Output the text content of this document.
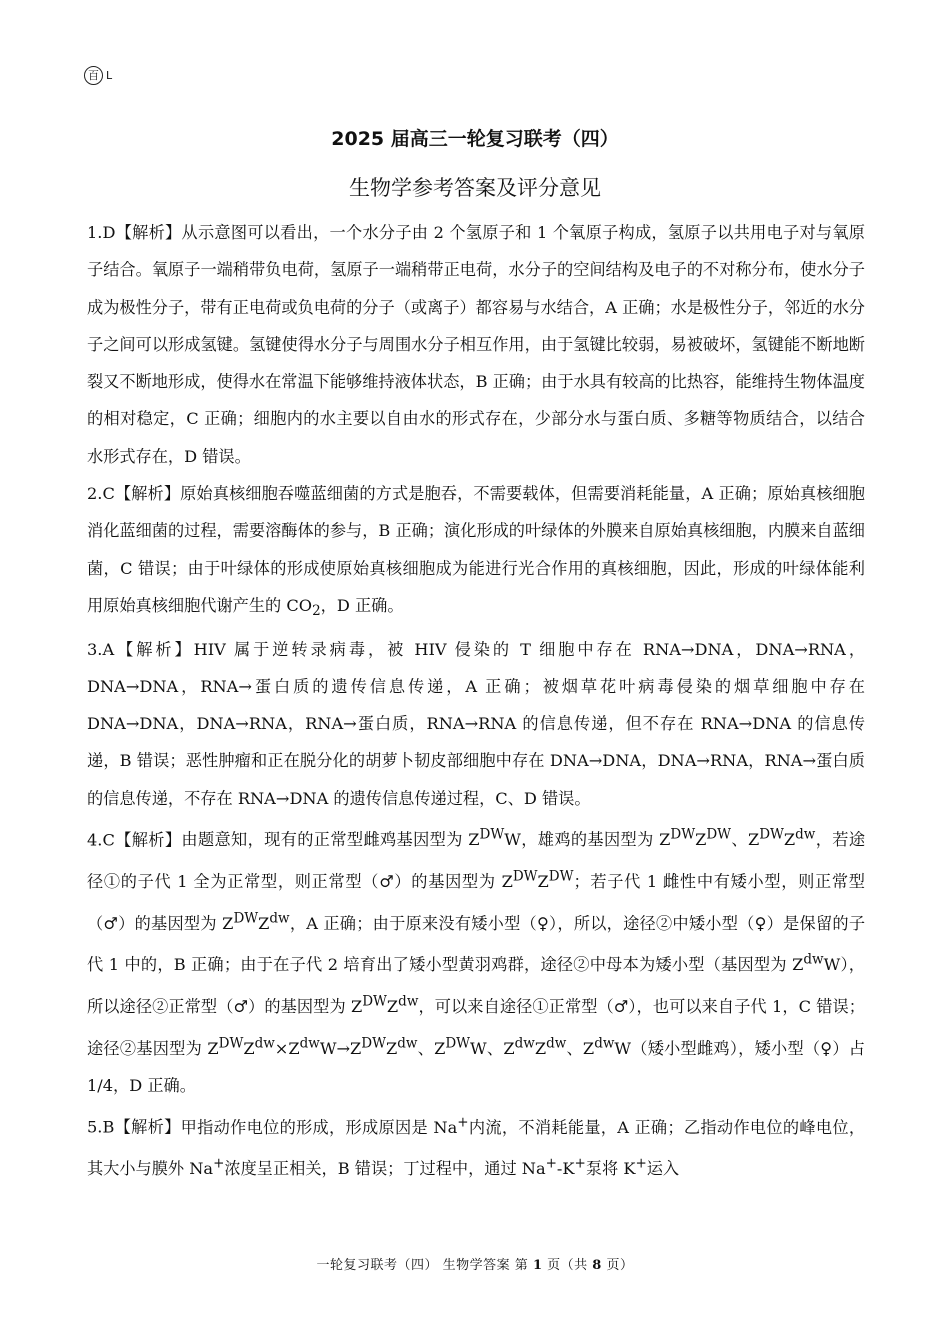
百 L
2025 届高三一轮复习联考（四）
生物学参考答案及评分意见

1.D【解析】从示意图可以看出，一个水分子由 2 个氢原子和 1 个氧原子构成，氢原子以共用电子对与氧原子结合。氧原子一端稍带负电荷，氢原子一端稍带正电荷，水分子的空间结构及电子的不对称分布，使水分子成为极性分子，带有正电荷或负电荷的分子（或离子）都容易与水结合，A 正确；水是极性分子，邻近的水分子之间可以形成氢键。氢键使得水分子与周围水分子相互作用，由于氢键比较弱，易被破坏，氢键能不断地断裂又不断地形成，使得水在常温下能够维持液体状态，B 正确；由于水具有较高的比热容，能维持生物体温度的相对稳定，C 正确；细胞内的水主要以自由水的形式存在，少部分水与蛋白质、多糖等物质结合，以结合水形式存在，D 错误。

2.C【解析】原始真核细胞吞噬蓝细菌的方式是胞吞，不需要载体，但需要消耗能量，A 正确；原始真核细胞消化蓝细菌的过程，需要溶酶体的参与，B 正确；演化形成的叶绿体的外膜来自原始真核细胞，内膜来自蓝细菌，C 错误；由于叶绿体的形成使原始真核细胞成为能进行光合作用的真核细胞，因此，形成的叶绿体能利用原始真核细胞代谢产生的 $CO_2$，D 正确。

3.A【解析】HIV 属于逆转录病毒，被 HIV 侵染的 T 细胞中存在 RNA→DNA，DNA→RNA，DNA→DNA，RNA→蛋白质的遗传信息传递，A 正确；被烟草花叶病毒侵染的烟草细胞中存在 DNA→DNA，DNA→RNA，RNA→蛋白质，RNA→RNA 的信息传递，但不存在 RNA→DNA 的信息传递，B 错误；恶性肿瘤和正在脱分化的胡萝卜韧皮部细胞中存在 DNA→DNA，DNA→RNA，RNA→蛋白质的信息传递，不存在 RNA→DNA 的遗传信息传递过程，C、D 错误。

4.C【解析】由题意知，现有的正常型雌鸡基因型为 $Z^{DW}W$，雄鸡的基因型为 $Z^{DW}Z^{DW}$、$Z^{DW}Z^{dw}$，若途径①的子代 1 全为正常型，则正常型（♂）的基因型为 $Z^{DW}Z^{DW}$；若子代 1 雌性中有矮小型，则正常型（♂）的基因型为 $Z^{DW}Z^{dw}$，A 正确；由于原来没有矮小型（♀），所以，途径②中矮小型（♀）是保留的子代 1 中的，B 正确；由于在子代 2 培育出了矮小型黄羽鸡群，途径②中母本为矮小型（基因型为 $Z^{dw}W$），所以途径②正常型（♂）的基因型为 $Z^{DW}Z^{dw}$，可以来自途径①正常型（♂），也可以来自子代 1，C 错误；途径②基因型为 $Z^{DW}Z^{dw}\times Z^{dw}W\to Z^{DW}Z^{dw}$、$Z^{DW}W$、$Z^{dw}Z^{dw}$、$Z^{dw}W$（矮小型雌鸡），矮小型（♀）占 1/4，D 正确。

5.B【解析】甲指动作电位的形成，形成原因是 Na+内流，不消耗能量，A 正确；乙指动作电位的峰电位，其大小与膜外 Na+浓度呈正相关，B 错误；丁过程中，通过 Na+-K+泵将 K+运入

一轮复习联考（四） 生物学答案 第 1 页（共 8 页）
